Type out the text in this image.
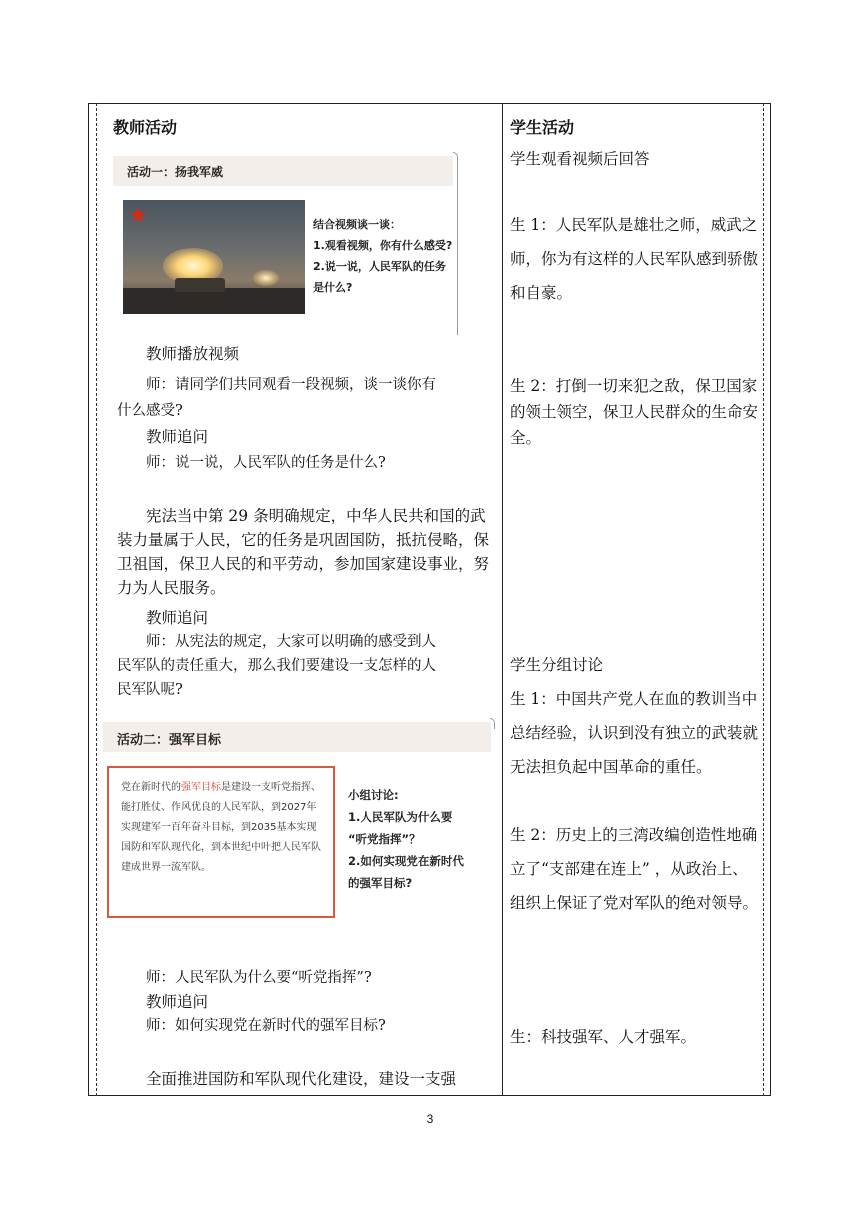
教师活动	学生活动
活动一：扬我军威
结合视频谈一谈：
1.观看视频，你有什么感受?
2.说一说，人民军队的任务
是什么?
教师播放视频
师：请同学们共同观看一段视频，谈一谈你有
什么感受?
教师追问
师：说一说，人民军队的任务是什么?
宪法当中第 29 条明确规定，中华人民共和国的武装力量属于人民，它的任务是巩固国防，抵抗侵略，保卫祖国，保卫人民的和平劳动，参加国家建设事业，努力为人民服务。
教师追问
师：从宪法的规定，大家可以明确的感受到人
民军队的责任重大，那么我们要建设一支怎样的人
民军队呢?
活动二：强军目标

党在新时代的强军目标是建设一支听党指挥、能打胜仗、作风优良的人民军队，到2027年实现建军一百年奋斗目标，到2035基本实现国防和军队现代化，到本世纪中叶把人民军队建成世界一流军队。

小组讨论:
1.人民军队为什么要
“听党指挥”？
2.如何实现党在新时代
的强军目标?
师：人民军队为什么要“听党指挥”?
教师追问
师：如何实现党在新时代的强军目标?
全面推进国防和军队现代化建设，建设一支强
学生观看视频后回答
生 1：人民军队是雄壮之师，威武之师，你为有这样的人民军队感到骄傲和自豪。
生 2：打倒一切来犯之敌，保卫国家的领土领空，保卫人民群众的生命安全。
学生分组讨论
生 1：中国共产党人在血的教训当中总结经验，认识到没有独立的武装就无法担负起中国革命的重任。
生 2：历史上的三湾改编创造性地确立了“支部建在连上” ，从政治上、组织上保证了党对军队的绝对领导。
生：科技强军、人才强军。
3
